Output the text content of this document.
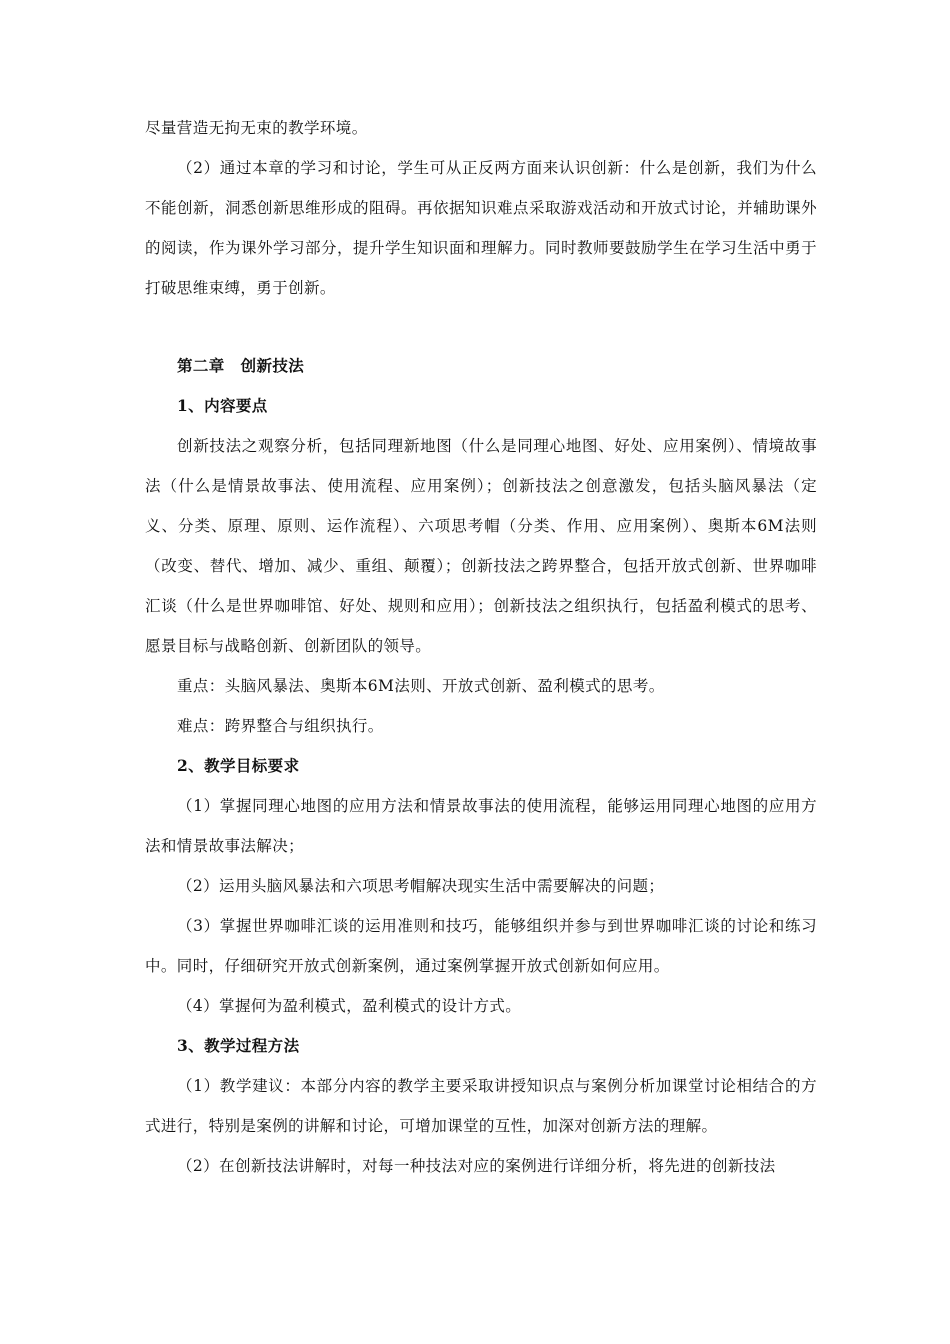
尽量营造无拘无束的教学环境。

（2）通过本章的学习和讨论，学生可从正反两方面来认识创新：什么是创新，我们为什么不能创新，洞悉创新思维形成的阻碍。再依据知识难点采取游戏活动和开放式讨论，并辅助课外的阅读，作为课外学习部分，提升学生知识面和理解力。同时教师要鼓励学生在学习生活中勇于打破思维束缚，勇于创新。

第二章　创新技法

1、内容要点

创新技法之观察分析，包括同理新地图（什么是同理心地图、好处、应用案例）、情境故事法（什么是情景故事法、使用流程、应用案例）；创新技法之创意激发，包括头脑风暴法（定义、分类、原理、原则、运作流程）、六项思考帽（分类、作用、应用案例）、奥斯本6M法则（改变、替代、增加、减少、重组、颠覆）；创新技法之跨界整合，包括开放式创新、世界咖啡汇谈（什么是世界咖啡馆、好处、规则和应用）；创新技法之组织执行，包括盈利模式的思考、愿景目标与战略创新、创新团队的领导。

重点：头脑风暴法、奥斯本6M法则、开放式创新、盈利模式的思考。

难点：跨界整合与组织执行。

2、教学目标要求

（1）掌握同理心地图的应用方法和情景故事法的使用流程，能够运用同理心地图的应用方法和情景故事法解决；

（2）运用头脑风暴法和六项思考帽解决现实生活中需要解决的问题；

（3）掌握世界咖啡汇谈的运用准则和技巧，能够组织并参与到世界咖啡汇谈的讨论和练习中。同时，仔细研究开放式创新案例，通过案例掌握开放式创新如何应用。

（4）掌握何为盈利模式，盈利模式的设计方式。

3、教学过程方法

（1）教学建议：本部分内容的教学主要采取讲授知识点与案例分析加课堂讨论相结合的方式进行，特别是案例的讲解和讨论，可增加课堂的互性，加深对创新方法的理解。

（2）在创新技法讲解时，对每一种技法对应的案例进行详细分析，将先进的创新技法
